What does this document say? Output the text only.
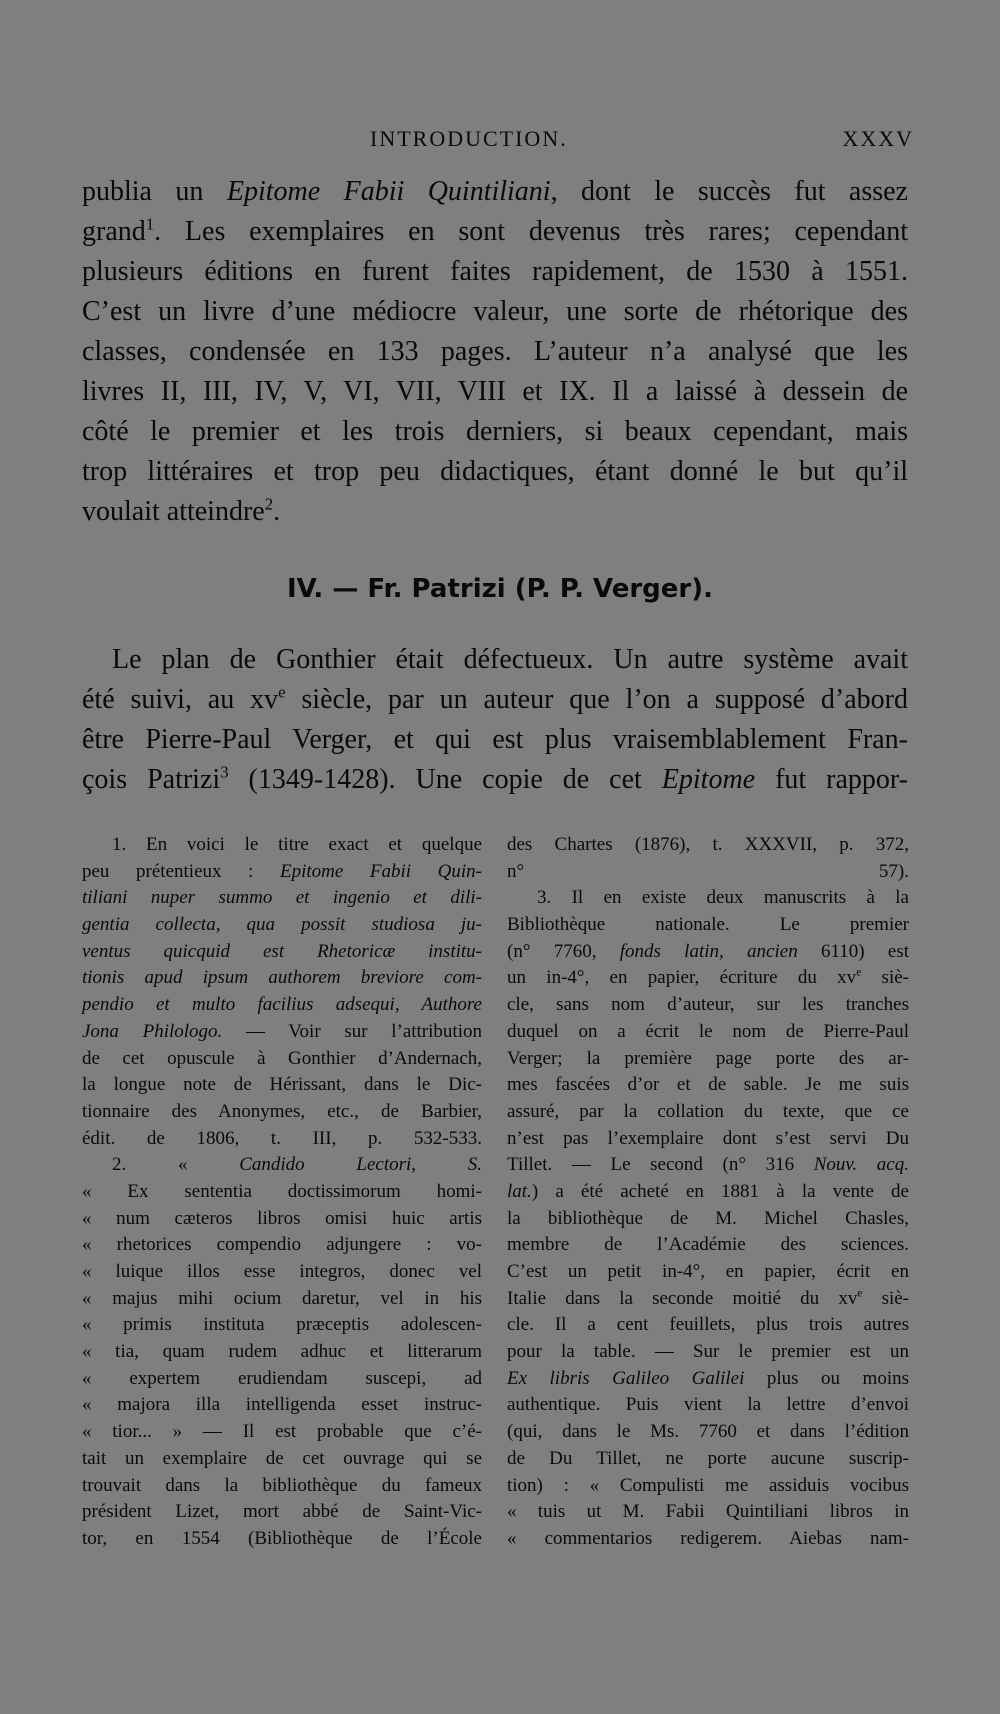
INTRODUCTION.	XXXV
publia un Epitome Fabii Quintiliani, dont le succès fut assez
grand$^1$. Les exemplaires en sont devenus très rares; cependant
plusieurs éditions en furent faites rapidement, de 1530 à 1551.
C’est un livre d’une médiocre valeur, une sorte de rhétorique des
classes, condensée en 133 pages. L’auteur n’a analysé que les
livres II, III, IV, V, VI, VII, VIII et IX. Il a laissé à dessein de
côté le premier et les trois derniers, si beaux cependant, mais
trop littéraires et trop peu didactiques, étant donné le but qu’il
voulait atteindre$^2$.
IV. — Fr. Patrizi (P. P. Verger).
Le plan de Gonthier était défectueux. Un autre système avait
été suivi, au $xv^e$ siècle, par un auteur que l’on a supposé d’abord
être Pierre-Paul Verger, et qui est plus vraisemblablement Fran-
çois Patrizi$^3$ (1349-1428). Une copie de cet Epitome fut rappor-
1. En voici le titre exact et quelque
peu prétentieux : Epitome Fabii Quin-
tiliani nuper summo et ingenio et dili-
gentia collecta, qua possit studiosa ju-
ventus quicquid est Rhetoricæ institu-
tionis apud ipsum authorem breviore com-
pendio et multo facilius adsequi, Authore
Jona Philologo. — Voir sur l’attribution
de cet opuscule à Gonthier d’Andernach,
la longue note de Hérissant, dans le Dic-
tionnaire des Anonymes, etc., de Barbier,
édit. de 1806, t. III, p. 532-533.
2. « Candido Lectori, S.
« Ex sententia doctissimorum homi-
« num cæteros libros omisi huic artis
« rhetorices compendio adjungere : vo-
« luique illos esse integros, donec vel
« majus mihi ocium daretur, vel in his
« primis instituta præceptis adolescen-
« tia, quam rudem adhuc et litterarum
« expertem erudiendam suscepi, ad
« majora illa intelligenda esset instruc-
« tior... » — Il est probable que c’é-
tait un exemplaire de cet ouvrage qui se
trouvait dans la bibliothèque du fameux
président Lizet, mort abbé de Saint-Vic-
tor, en 1554 (Bibliothèque de l’École
des Chartes (1876), t. XXXVII, p. 372,
n° 57).
3. Il en existe deux manuscrits à la
Bibliothèque nationale. Le premier
(n° 7760, fonds latin, ancien 6110) est
un in-4°, en papier, écriture du $xv^e$ siè-
cle, sans nom d’auteur, sur les tranches
duquel on a écrit le nom de Pierre-Paul
Verger; la première page porte des ar-
mes fascées d’or et de sable. Je me suis
assuré, par la collation du texte, que ce
n’est pas l’exemplaire dont s’est servi Du
Tillet. — Le second (n° 316 Nouv. acq.
lat.) a été acheté en 1881 à la vente de
la bibliothèque de M. Michel Chasles,
membre de l’Académie des sciences.
C’est un petit in-4°, en papier, écrit en
Italie dans la seconde moitié du $xv^e$ siè-
cle. Il a cent feuillets, plus trois autres
pour la table. — Sur le premier est un
Ex libris Galileo Galilei plus ou moins
authentique. Puis vient la lettre d’envoi
(qui, dans le Ms. 7760 et dans l’édition
de Du Tillet, ne porte aucune suscrip-
tion) : « Compulisti me assiduis vocibus
« tuis ut M. Fabii Quintiliani libros in
« commentarios redigerem. Aiebas nam-
